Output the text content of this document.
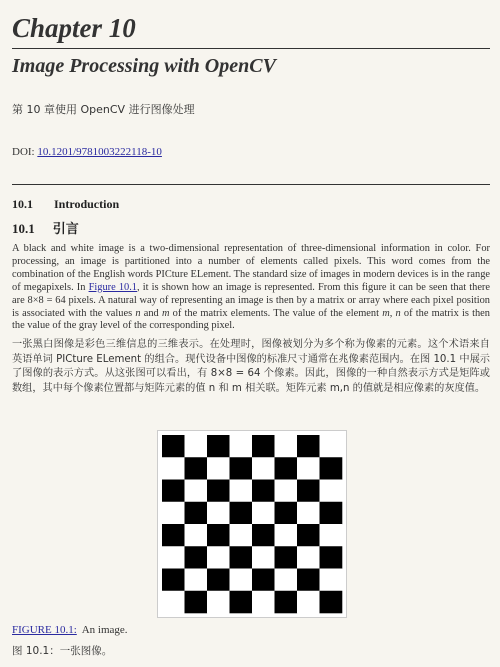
Chapter 10
Image Processing with OpenCV
第 10 章使用 OpenCV 进行图像处理
DOI: 10.1201/9781003222118-10
10.1 Introduction
10.1 引言

A black and white image is a two-dimensional representation of three-dimensional information in color. For processing, an image is partitioned into a number of elements called pixels. This word comes from the combination of the English words PICture ELement. The standard size of images in modern devices is in the range of megapixels. In Figure 10.1, it is shown how an image is represented. From this figure it can be seen that there are 8×8 = 64 pixels. A natural way of representing an image is then by a matrix or array where each pixel position is associated with the values n and m of the matrix elements. The value of the element m, n of the matrix is then the value of the gray level of the corresponding pixel.

一张黑白图像是彩色三维信息的三维表示。在处理时，图像被划分为多个称为像素的元素。这个术语来自英语单词 PICture ELement 的组合。现代设备中图像的标准尺寸通常在兆像素范围内。在图 10.1 中展示了图像的表示方式。从这张图可以看出，有 8×8 = 64 个像素。因此，图像的一种自然表示方式是矩阵或数组，其中每个像素位置都与矩阵元素的值 n 和 m 相关联。矩阵元素 m,n 的值就是相应像素的灰度值。

FIGURE 10.1: An image.
图 10.1：一张图像。
